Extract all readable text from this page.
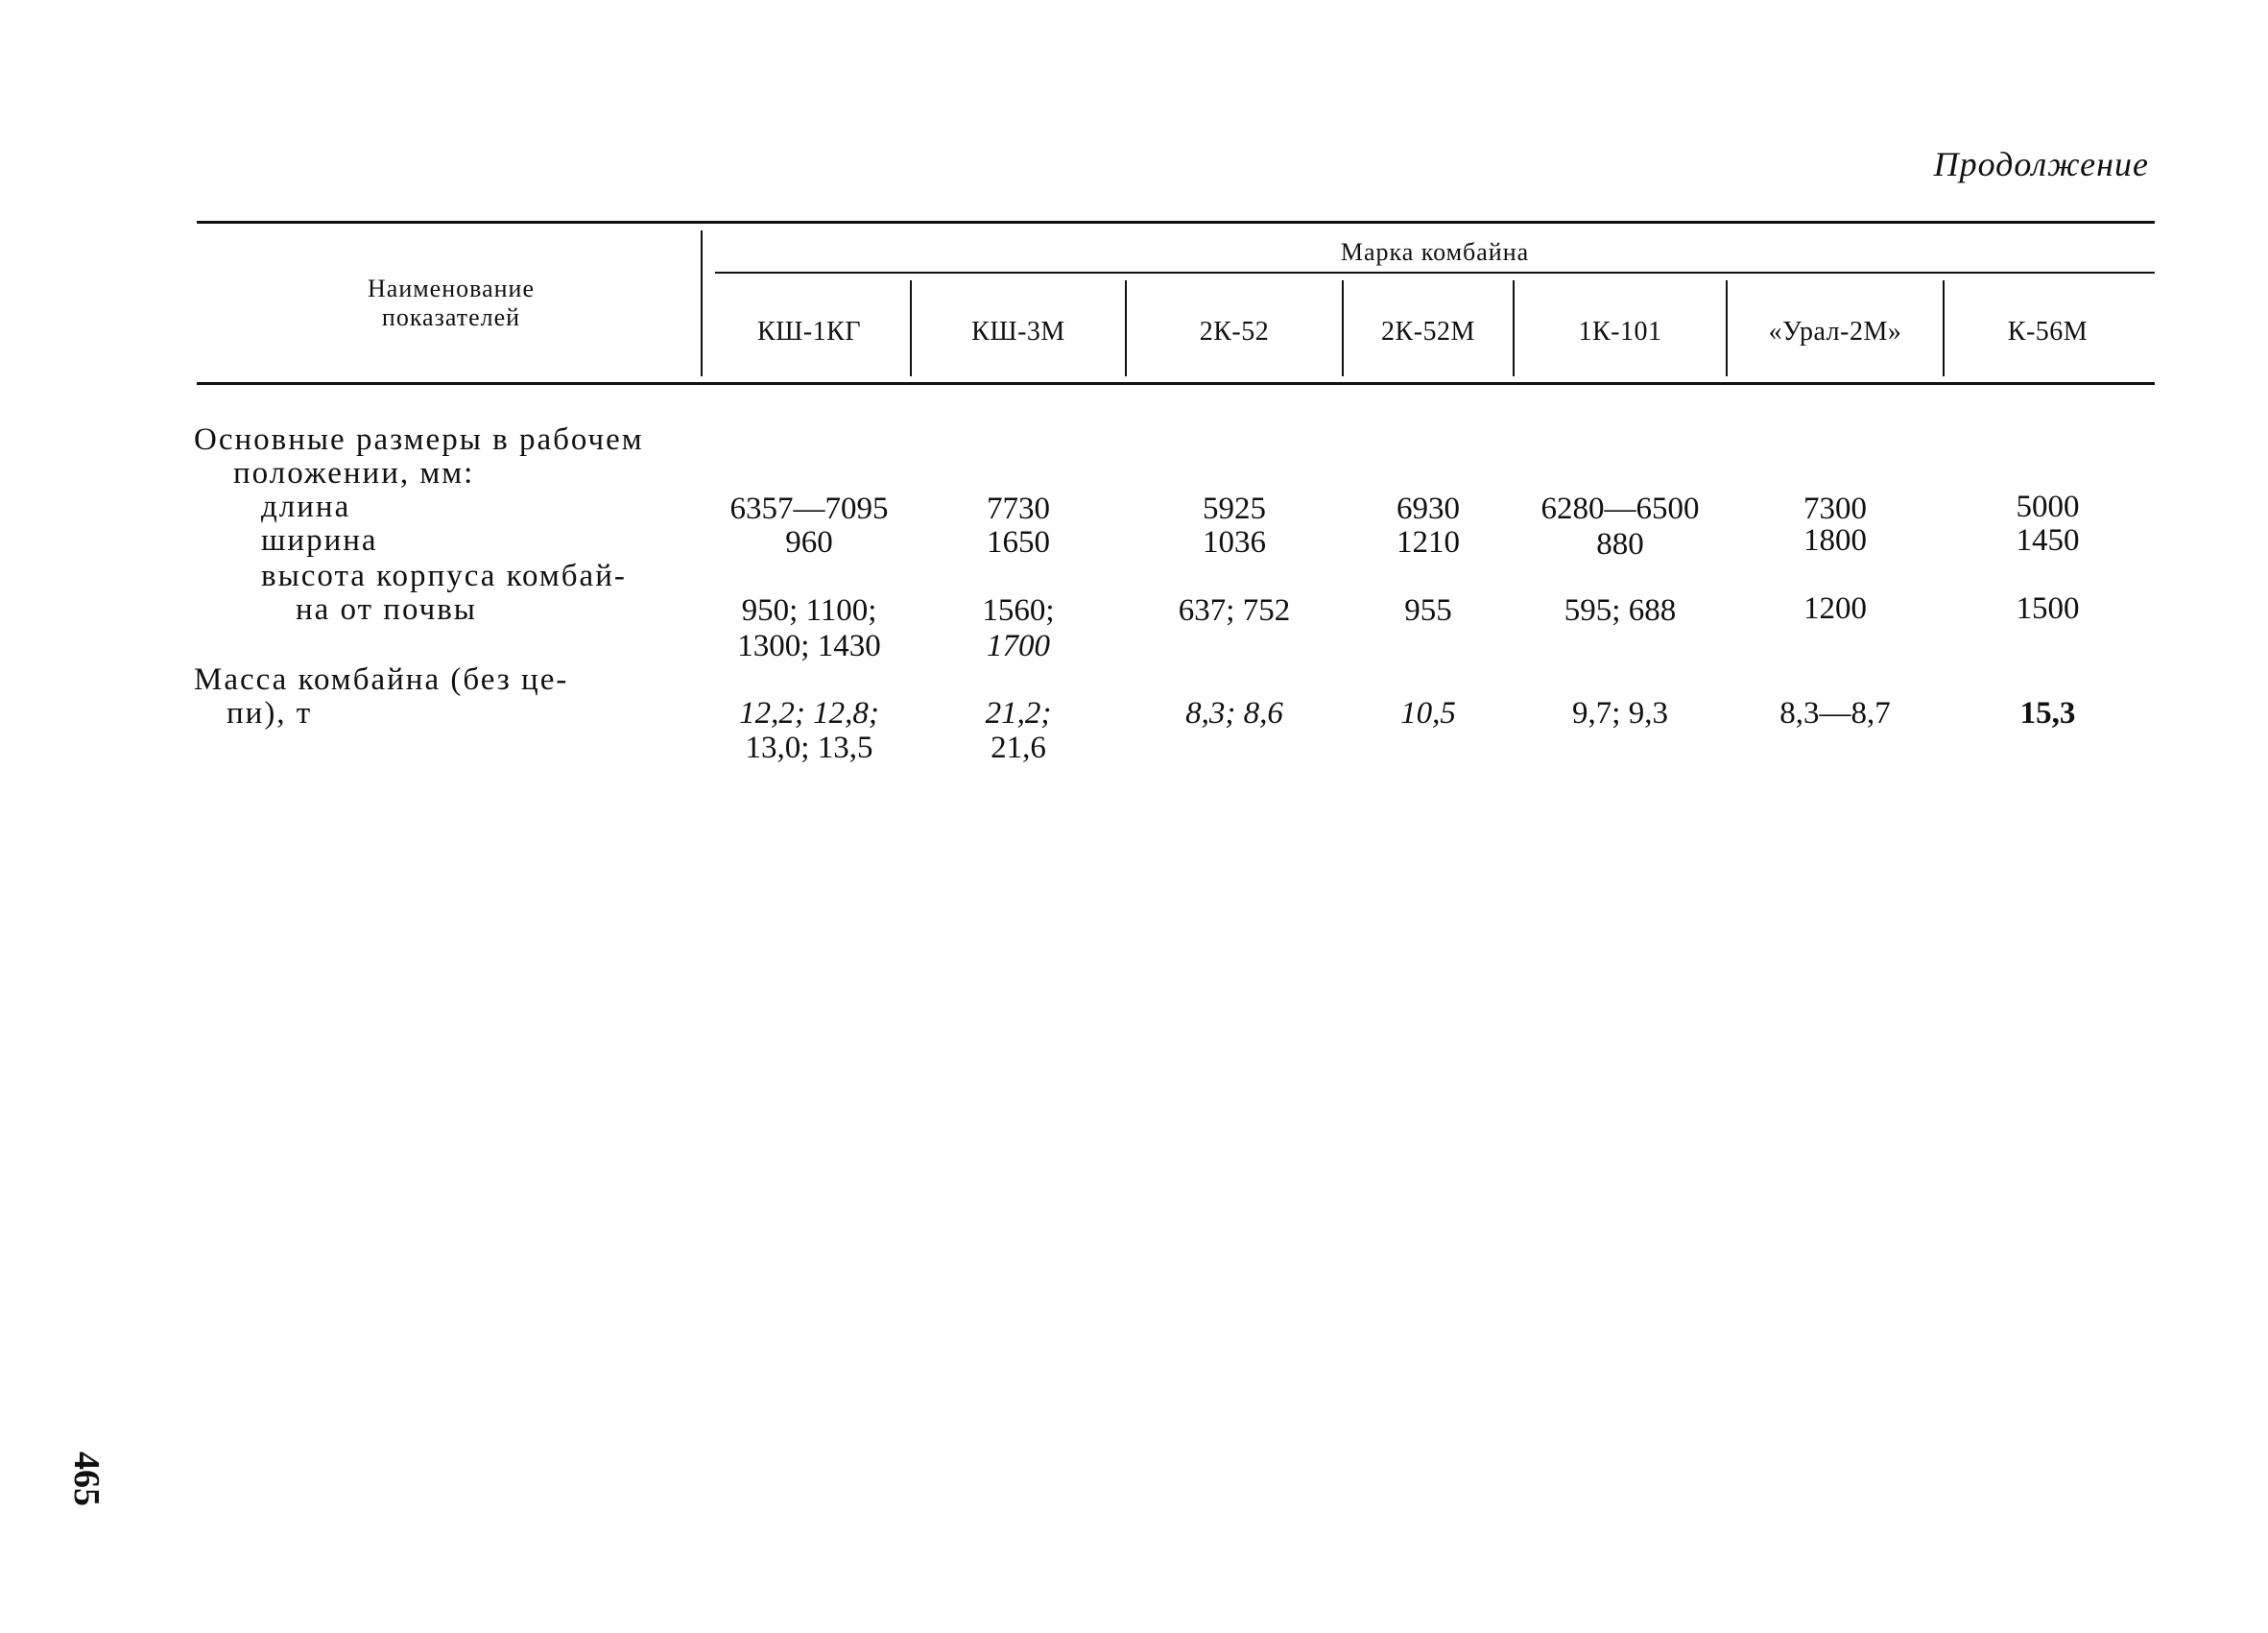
Продолжение
Наименование
показателей
Марка комбайна
КШ-1КГ	КШ-3М	2К-52	2К-52М	1К-101	«Урал-2М»	К-56М
Основные размеры в рабочем
положении, мм:
длина	6357—7095	7730	5925	6930	6280—6500	7300	5000
ширина	960	1650	1036	1210	880	1800	1450
высота корпуса комбай-
на от почвы	950; 1100;	1560;	637; 752	955	595; 688	1200	1500
1300; 1430	1700
Масса комбайна (без це-
пи), т	12,2; 12,8;	21,2;	8,3; 8,6	10,5	9,7; 9,3	8,3—8,7	15,3
13,0; 13,5	21,6
465
